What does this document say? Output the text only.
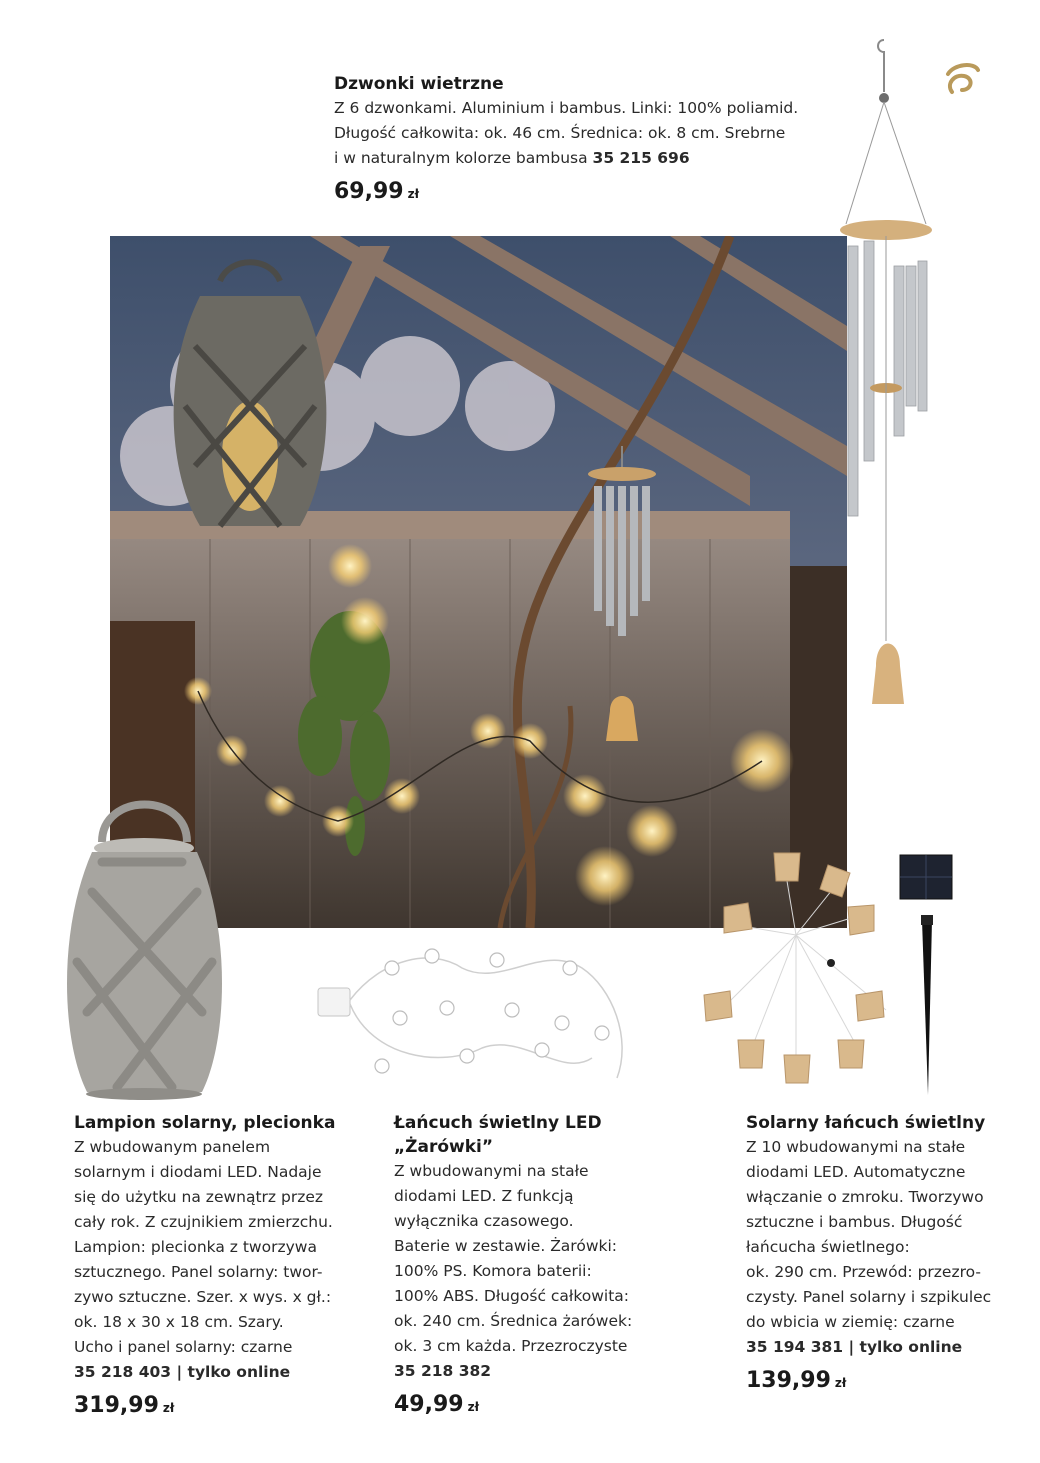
Dzwonki wietrzne
Z 6 dzwonkami. Aluminium i bambus. Linki: 100% poliamid.
Długość całkowita: ok. 46 cm. Średnica: ok. 8 cm. Srebrne
i w naturalnym kolorze bambusa 35 215 696
69,99 zł
Lampion solarny, plecionka
Z wbudowanym panelem
solarnym i diodami LED. Nadaje
się do użytku na zewnątrz przez
cały rok. Z czujnikiem zmierzchu.
Lampion: plecionka z tworzywa
sztucznego. Panel solarny: twor-
zywo sztuczne. Szer. x wys. x gł.:
ok. 18 x 30 x 18 cm. Szary.
Ucho i panel solarny: czarne
35 218 403 | tylko online
319,99 zł
Łańcuch świetlny LED
„Żarówki”
Z wbudowanymi na stałe
diodami LED. Z funkcją
wyłącznika czasowego.
Baterie w zestawie. Żarówki:
100% PS. Komora baterii:
100% ABS. Długość całkowita:
ok. 240 cm. Średnica żarówek:
ok. 3 cm każda. Przezroczyste
35 218 382
49,99 zł
Solarny łańcuch świetlny
Z 10 wbudowanymi na stałe
diodami LED. Automatyczne
włączanie o zmroku. Tworzywo
sztuczne i bambus. Długość
łańcucha świetlnego:
ok. 290 cm. Przewód: przezro-
czysty. Panel solarny i szpikulec
do wbicia w ziemię: czarne
35 194 381 | tylko online
139,99 zł
